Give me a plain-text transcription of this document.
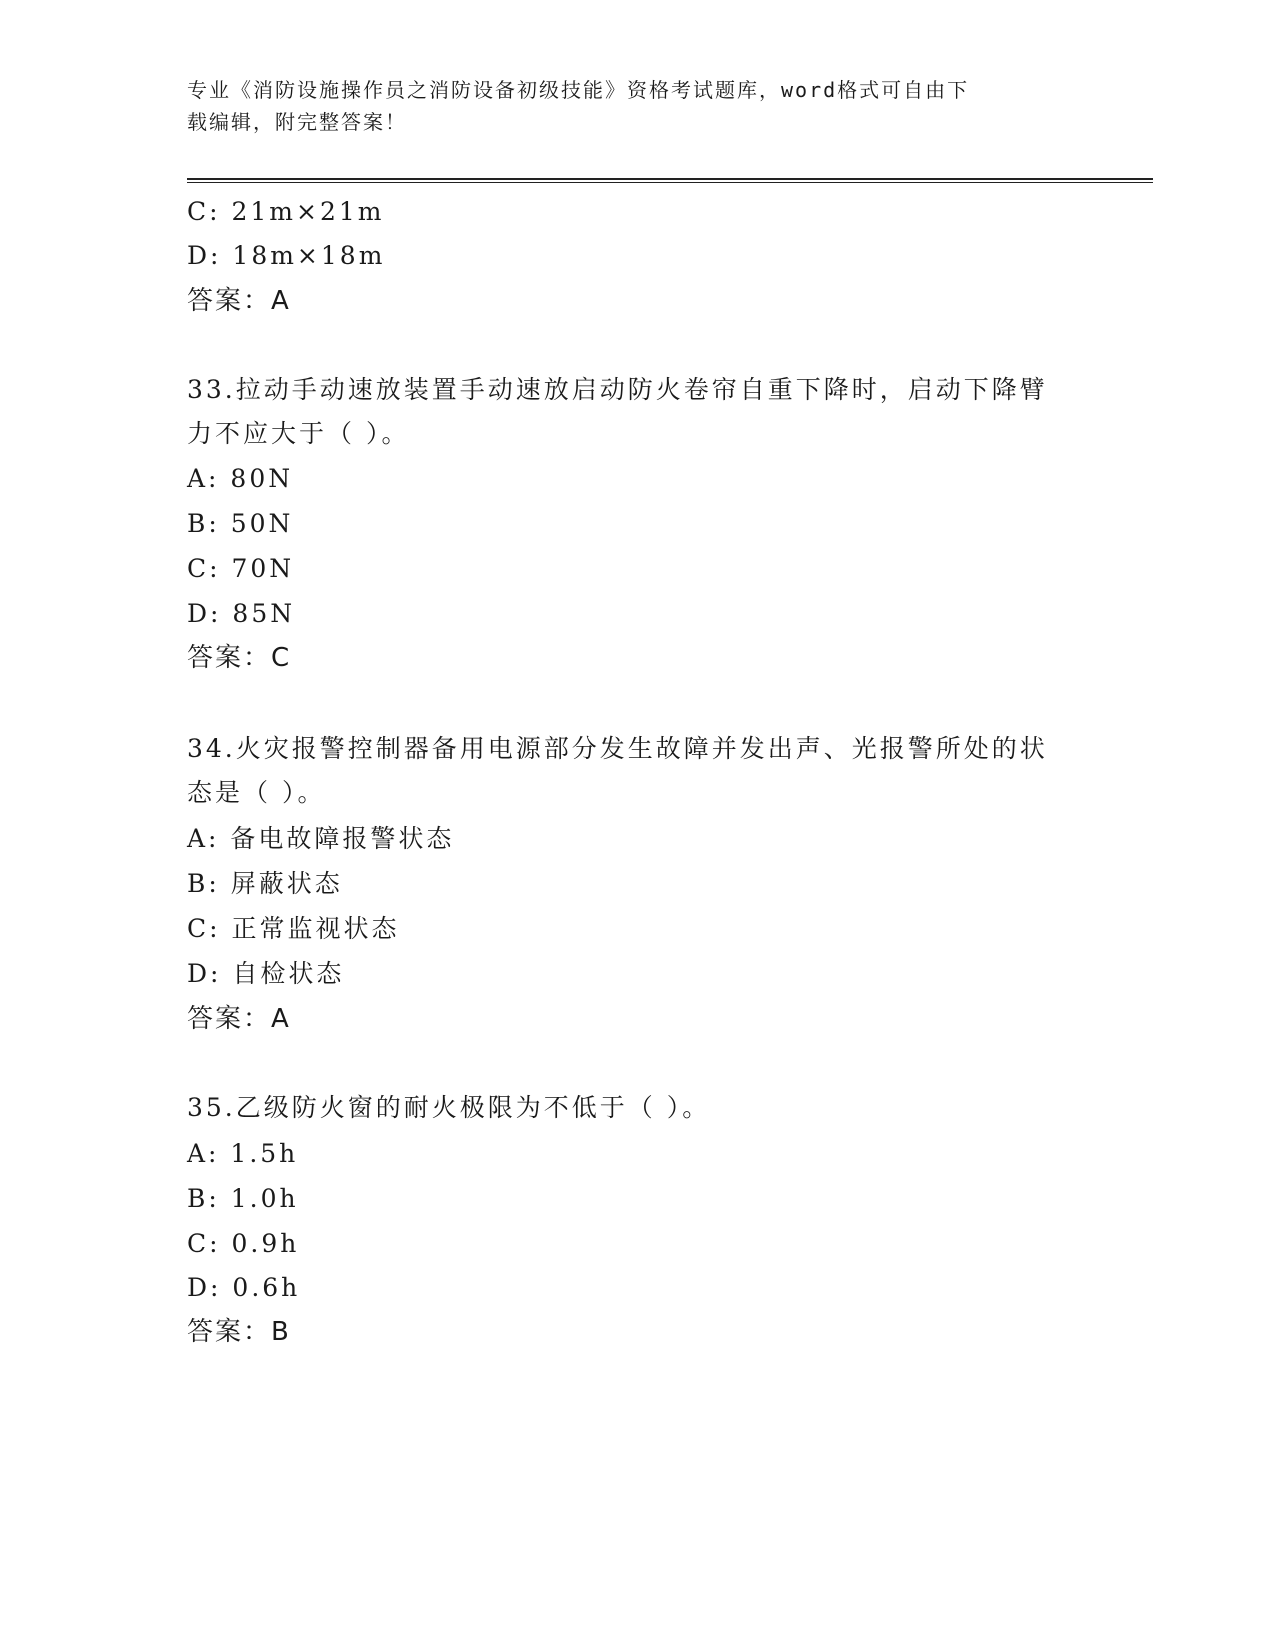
专业《消防设施操作员之消防设备初级技能》资格考试题库，word格式可自由下
载编辑，附完整答案！
C: 21m×21m
D: 18m×18m
答案：A
33.拉动手动速放装置手动速放启动防火卷帘自重下降时，启动下降臂
力不应大于（ ）。
A: 80N
B: 50N
C: 70N
D: 85N
答案：C
34.火灾报警控制器备用电源部分发生故障并发出声、光报警所处的状
态是（ ）。
A: 备电故障报警状态
B: 屏蔽状态
C: 正常监视状态
D: 自检状态
答案：A
35.乙级防火窗的耐火极限为不低于（ ）。
A: 1.5h
B: 1.0h
C: 0.9h
D: 0.6h
答案：B
